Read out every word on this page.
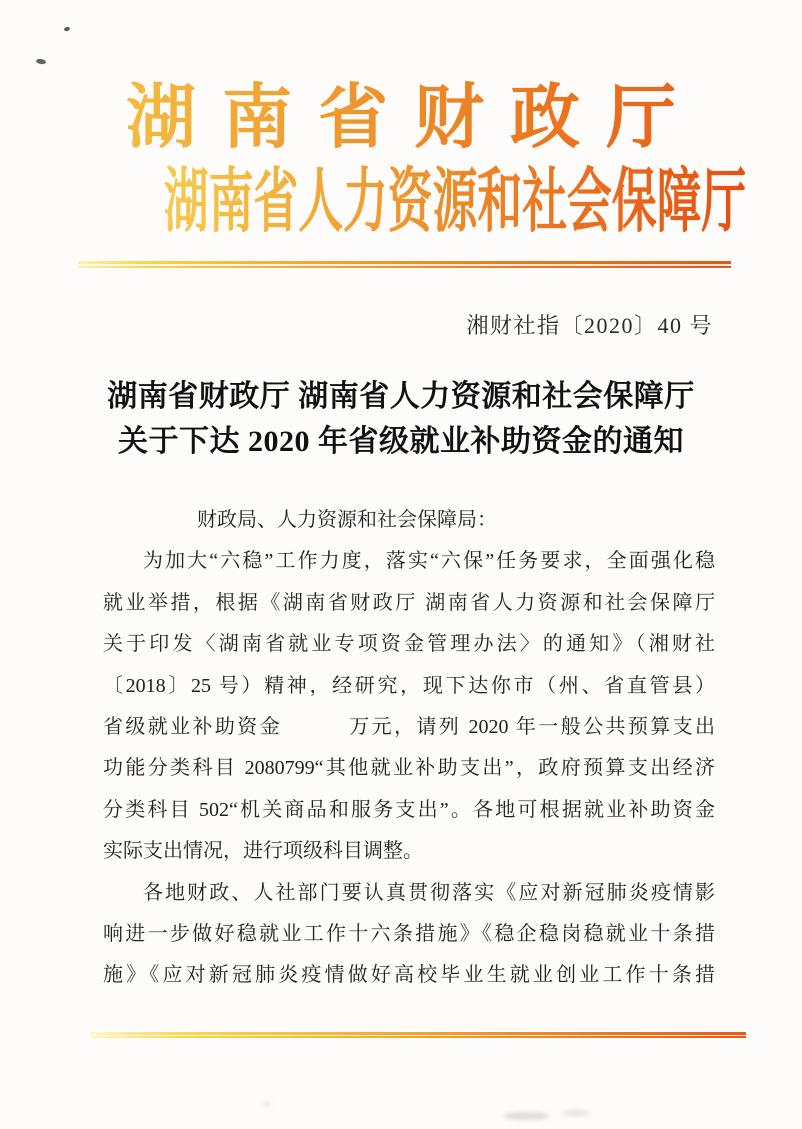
湖南省财政厅
湖南省人力资源和社会保障厅
湘财社指〔2020〕40 号
湖南省财政厅 湖南省人力资源和社会保障厅
关于下达 2020 年省级就业补助资金的通知
财政局、人力资源和社会保障局：
为加大“六稳”工作力度，落实“六保”任务要求，全面强化稳
就业举措，根据《湖南省财政厅 湖南省人力资源和社会保障厅
关于印发〈湖南省就业专项资金管理办法〉的通知》（湘财社
〔2018〕25 号）精神，经研究，现下达你市（州、省直管县）
省级就业补助资金　　　万元，请列 2020 年一般公共预算支出
功能分类科目 2080799“其他就业补助支出”，政府预算支出经济
分类科目 502“机关商品和服务支出”。各地可根据就业补助资金
实际支出情况，进行项级科目调整。
各地财政、人社部门要认真贯彻落实《应对新冠肺炎疫情影
响进一步做好稳就业工作十六条措施》《稳企稳岗稳就业十条措
施》《应对新冠肺炎疫情做好高校毕业生就业创业工作十条措
